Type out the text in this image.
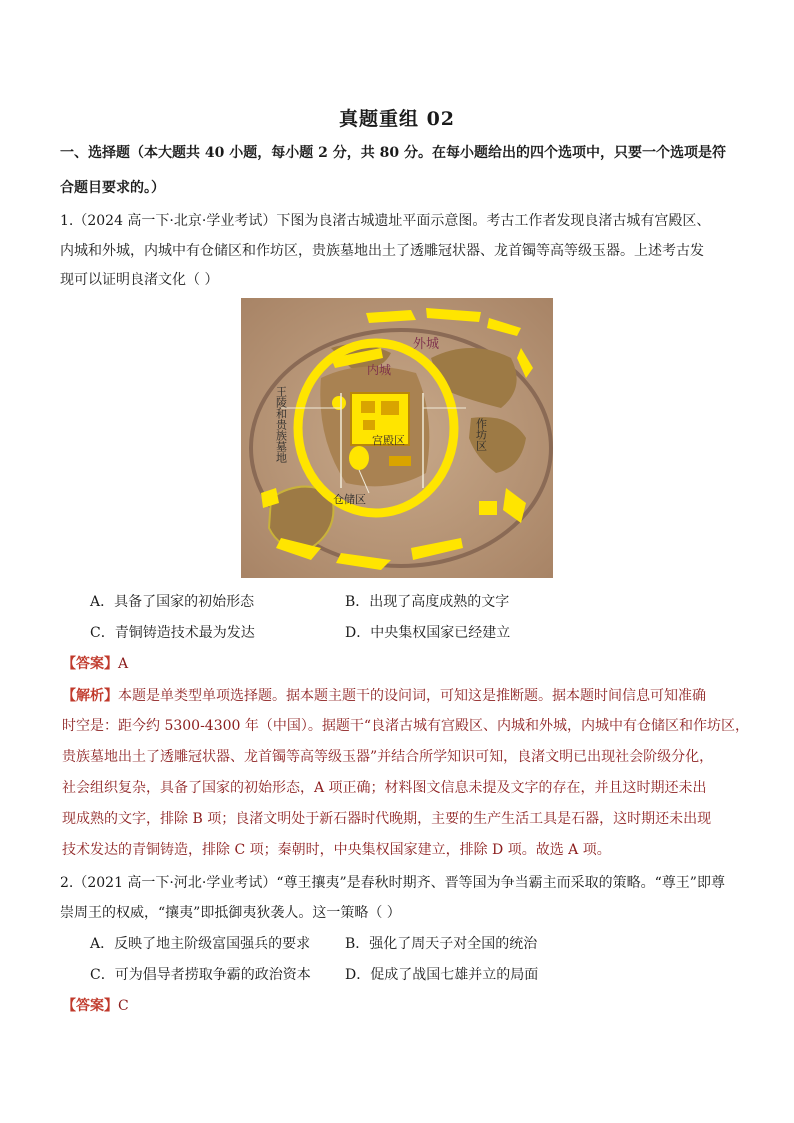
真题重组 02
一、选择题（本大题共 40 小题，每小题 2 分，共 80 分。在每小题给出的四个选项中，只要一个选项是符
合题目要求的。）
1.（2024 高一下·北京·学业考试）下图为良渚古城遗址平面示意图。考古工作者发现良渚古城有宫殿区、
内城和外城，内城中有仓储区和作坊区，贵族墓地出土了透雕冠状器、龙首镯等高等级玉器。上述考古发
现可以证明良渚文化（ ）
外城
内城
宫殿区
仓储区
作坊区
王陵和贵族墓地
A．具备了国家的初始形态	B．出现了高度成熟的文字
C．青铜铸造技术最为发达	D．中央集权国家已经建立
【答案】A
【解析】本题是单类型单项选择题。据本题主题干的设问词，可知这是推断题。据本题时间信息可知准确
时空是：距今约 5300-4300 年（中国）。据题干“良渚古城有宫殿区、内城和外城，内城中有仓储区和作坊区，
贵族墓地出土了透雕冠状器、龙首镯等高等级玉器”并结合所学知识可知，良渚文明已出现社会阶级分化，
社会组织复杂，具备了国家的初始形态，A 项正确；材料图文信息未提及文字的存在，并且这时期还未出
现成熟的文字，排除 B 项；良渚文明处于新石器时代晚期，主要的生产生活工具是石器，这时期还未出现
技术发达的青铜铸造，排除 C 项；秦朝时，中央集权国家建立，排除 D 项。故选 A 项。
2.（2021 高一下·河北·学业考试）“尊王攘夷”是春秋时期齐、晋等国为争当霸主而采取的策略。“尊王”即尊
崇周王的权威，“攘夷”即抵御夷狄袭人。这一策略（ ）
A．反映了地主阶级富国强兵的要求 B．强化了周天子对全国的统治
C．可为倡导者捞取争霸的政治资本 D．促成了战国七雄并立的局面
【答案】C
